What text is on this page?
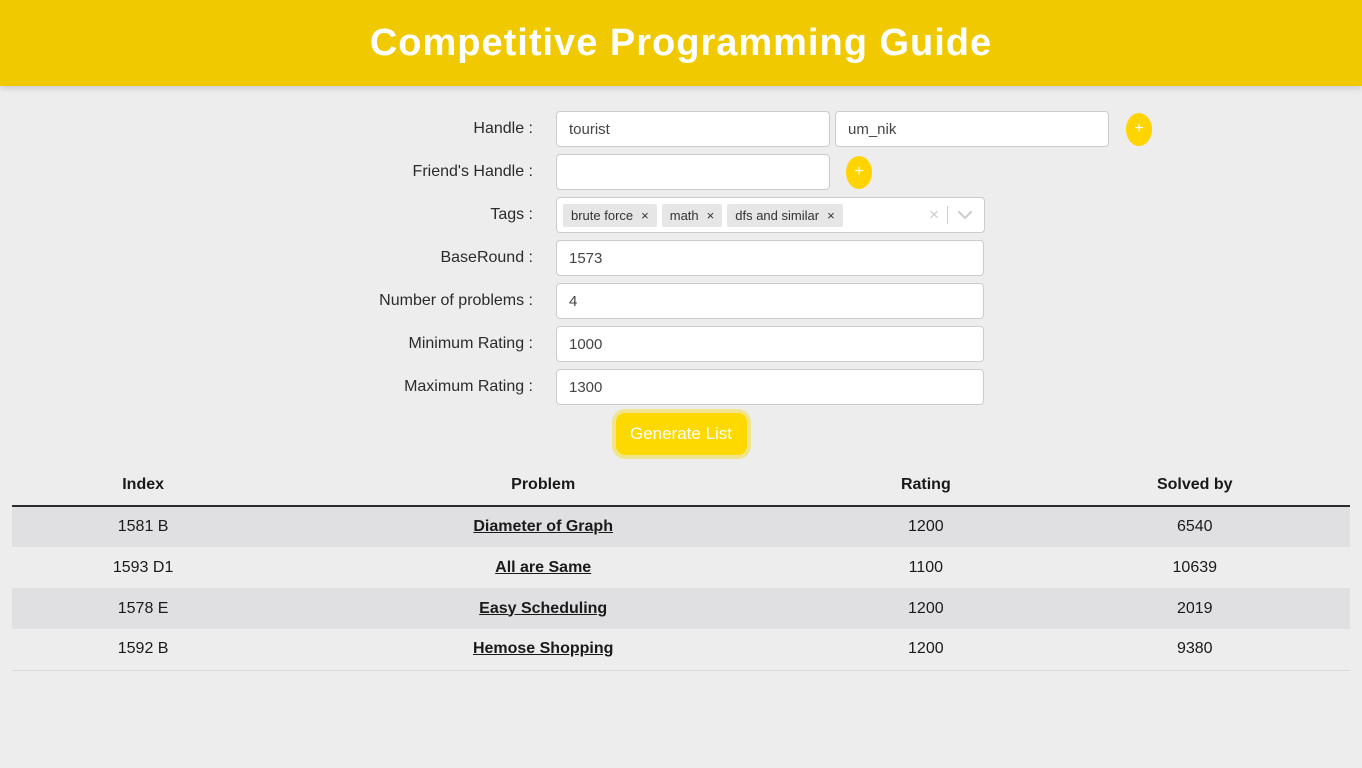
Competitive Programming Guide
Handle :
tourist
um_nik	+
Friend's Handle :	+
Tags :	brute force × math × dfs and similar ×	×
BaseRound :
1573
Number of problems :
4
Minimum Rating :
1000
Maximum Rating :
1300
Generate List
Index	Problem	Rating	Solved by
1581 B	Diameter of Graph	1200	6540
1593 D1	All are Same	1100	10639
1578 E	Easy Scheduling	1200	2019
1592 B	Hemose Shopping	1200	9380
